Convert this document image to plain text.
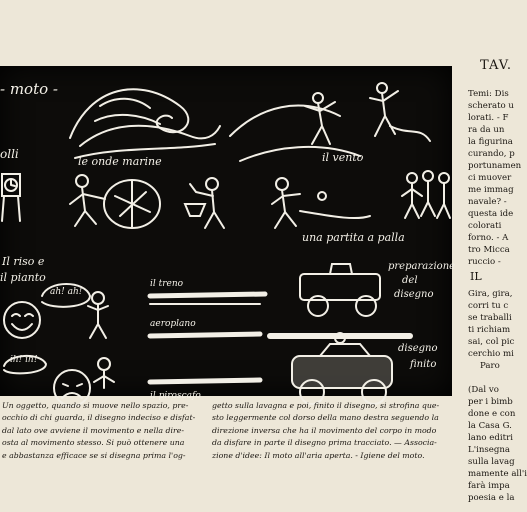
- moto -
olli
le onde marine	il vento
una partita a palla
Il riso e
il pianto
ah! ah!
ih! ih!
il treno
aeroplano
il piroscafo
preparazione
del
disegno
disegno
finito
Un oggetto, quando si muove nello spazio, pre-
occhio di chi guarda, il disegno indeciso e disfat-
dal lato ove avviene il movimento e nella dire-
osta al movimento stesso. Si può ottenere una
e abbastanza efficace se si disegna prima l'og-
getto sulla lavagna e poi, finito il disegno, si strofina que-
sto leggermente col dorso della mano destra seguendo la
direzione inversa che ha il movimento del corpo in modo
da disfare in parte il disegno prima tracciato. — Associa-
zione d'idee: Il moto all'aria aperta. - Igiene del moto.
TAV.
Temi: Dis
scherato u
lorati. - F
ra da un
la figurina
curando, p
portunamen
ci muover
me immag
navale? -
questa ide
colorati
forno. - A
tro Micca
ruccio -
IL
Gira, gira,
corri tu c
se traballi
ti richiam
sai, col pic
cerchio mi
Paro
(Dal vo
per i bimb
done e con
la Casa G.
lano editri
L'insegna
sulla lavag
mamente all'i
farà impa
poesia e la
